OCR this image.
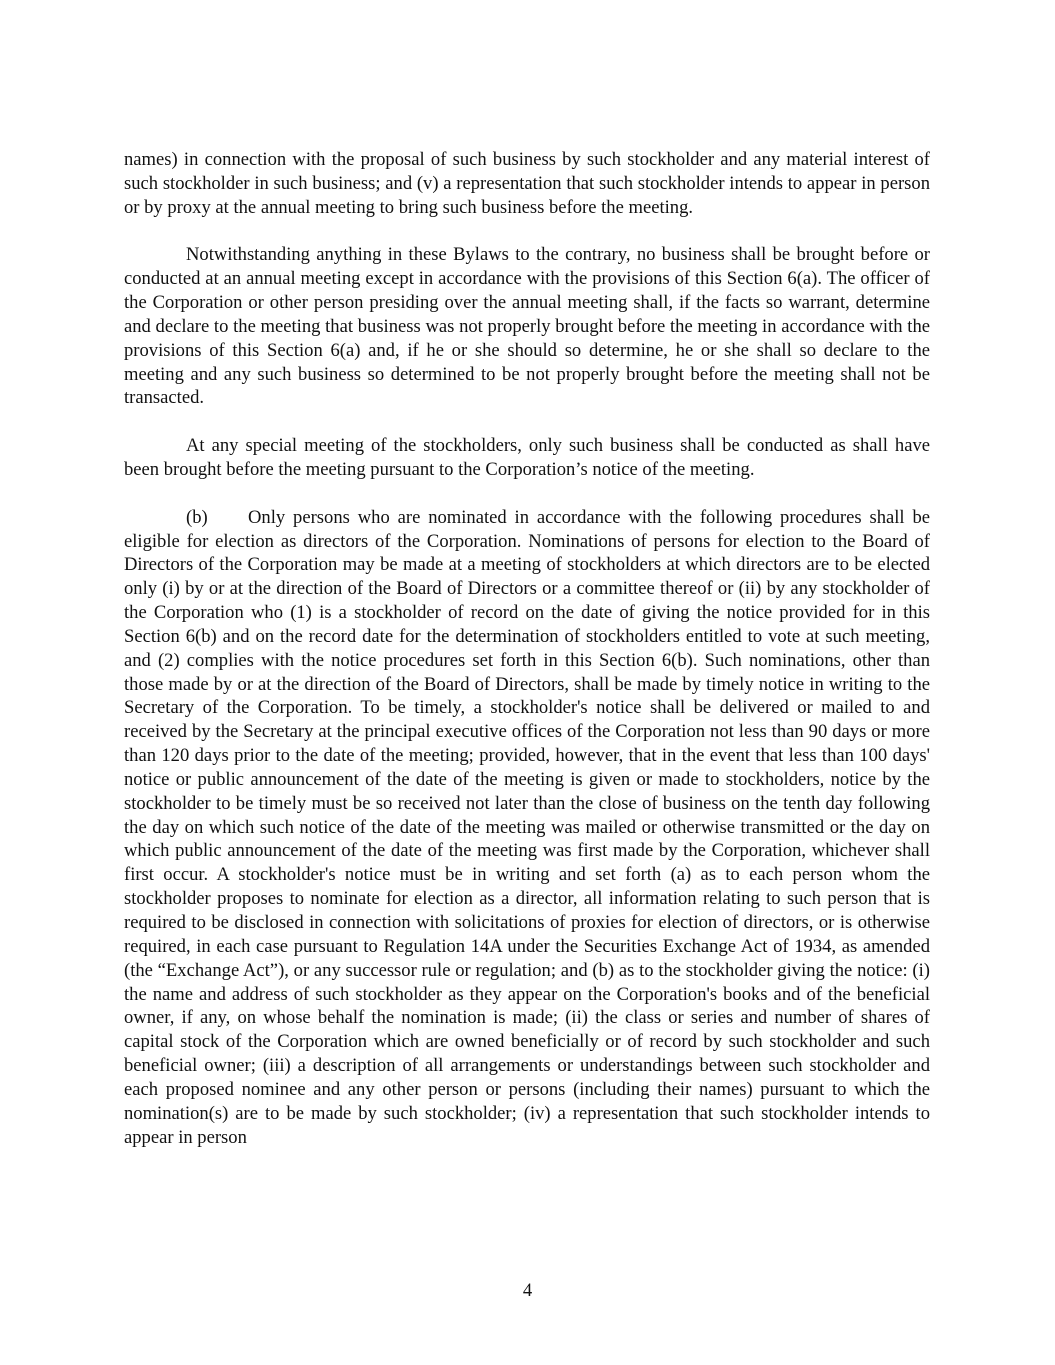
names) in connection with the proposal of such business by such stockholder and any material interest of such stockholder in such business; and (v) a representation that such stockholder intends to appear in person or by proxy at the annual meeting to bring such business before the meeting.

Notwithstanding anything in these Bylaws to the contrary, no business shall be brought before or conducted at an annual meeting except in accordance with the provisions of this Section 6(a). The officer of the Corporation or other person presiding over the annual meeting shall, if the facts so warrant, determine and declare to the meeting that business was not properly brought before the meeting in accordance with the provisions of this Section 6(a) and, if he or she should so determine, he or she shall so declare to the meeting and any such business so determined to be not properly brought before the meeting shall not be transacted.

At any special meeting of the stockholders, only such business shall be conducted as shall have been brought before the meeting pursuant to the Corporation’s notice of the meeting.

(b) Only persons who are nominated in accordance with the following procedures shall be eligible for election as directors of the Corporation. Nominations of persons for election to the Board of Directors of the Corporation may be made at a meeting of stockholders at which directors are to be elected only (i) by or at the direction of the Board of Directors or a committee thereof or (ii) by any stockholder of the Corporation who (1) is a stockholder of record on the date of giving the notice provided for in this Section 6(b) and on the record date for the determination of stockholders entitled to vote at such meeting, and (2) complies with the notice procedures set forth in this Section 6(b). Such nominations, other than those made by or at the direction of the Board of Directors, shall be made by timely notice in writing to the Secretary of the Corporation. To be timely, a stockholder's notice shall be delivered or mailed to and received by the Secretary at the principal executive offices of the Corporation not less than 90 days or more than 120 days prior to the date of the meeting; provided, however, that in the event that less than 100 days' notice or public announcement of the date of the meeting is given or made to stockholders, notice by the stockholder to be timely must be so received not later than the close of business on the tenth day following the day on which such notice of the date of the meeting was mailed or otherwise transmitted or the day on which public announcement of the date of the meeting was first made by the Corporation, whichever shall first occur. A stockholder's notice must be in writing and set forth (a) as to each person whom the stockholder proposes to nominate for election as a director, all information relating to such person that is required to be disclosed in connection with solicitations of proxies for election of directors, or is otherwise required, in each case pursuant to Regulation 14A under the Securities Exchange Act of 1934, as amended (the “Exchange Act”), or any successor rule or regulation; and (b) as to the stockholder giving the notice: (i) the name and address of such stockholder as they appear on the Corporation's books and of the beneficial owner, if any, on whose behalf the nomination is made; (ii) the class or series and number of shares of capital stock of the Corporation which are owned beneficially or of record by such stockholder and such beneficial owner; (iii) a description of all arrangements or understandings between such stockholder and each proposed nominee and any other person or persons (including their names) pursuant to which the nomination(s) are to be made by such stockholder; (iv) a representation that such stockholder intends to appear in person

4
